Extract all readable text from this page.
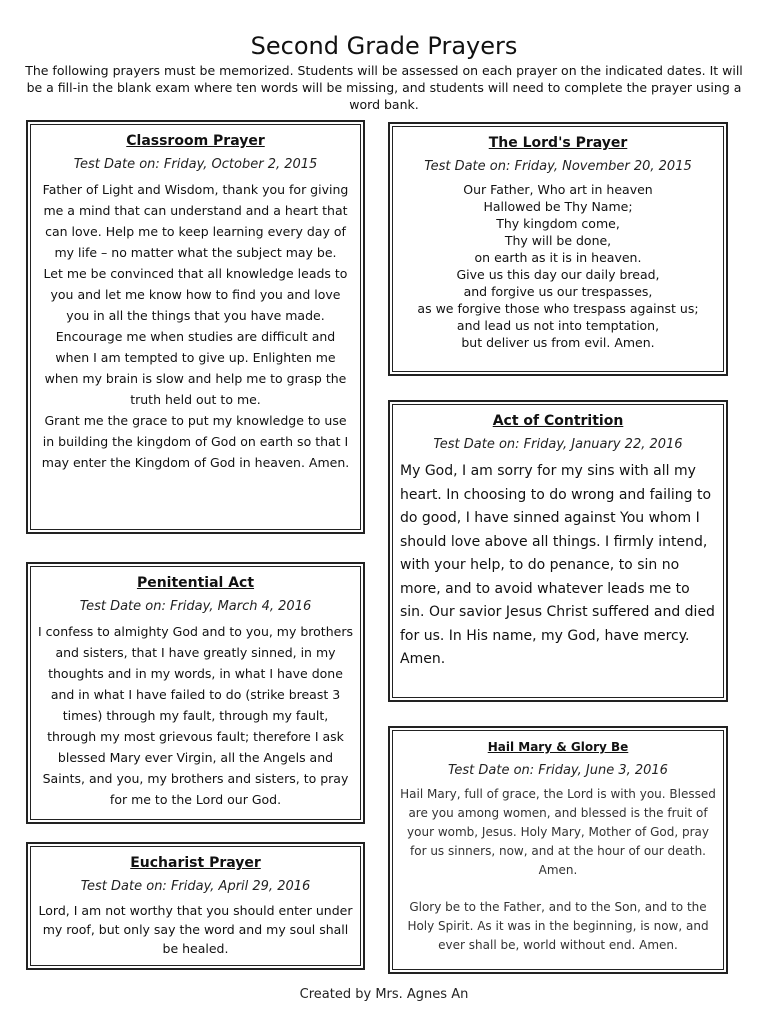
Second Grade Prayers
The following prayers must be memorized. Students will be assessed on each prayer on the indicated dates. It will be a fill-in the blank exam where ten words will be missing, and students will need to complete the prayer using a word bank.
Classroom Prayer
Test Date on: Friday, October 2, 2015
Father of Light and Wisdom, thank you for giving me a mind that can understand and a heart that can love. Help me to keep learning every day of my life – no matter what the subject may be.
Let me be convinced that all knowledge leads to you and let me know how to find you and love you in all the things that you have made. Encourage me when studies are difficult and when I am tempted to give up. Enlighten me when my brain is slow and help me to grasp the truth held out to me.
Grant me the grace to put my knowledge to use in building the kingdom of God on earth so that I may enter the Kingdom of God in heaven. Amen.
The Lord's Prayer
Test Date on: Friday, November 20, 2015
Our Father, Who art in heaven
Hallowed be Thy Name;
Thy kingdom come,
Thy will be done,
on earth as it is in heaven.
Give us this day our daily bread,
and forgive us our trespasses,
as we forgive those who trespass against us;
and lead us not into temptation,
but deliver us from evil. Amen.
Act of Contrition
Test Date on: Friday, January 22, 2016
My God, I am sorry for my sins with all my heart. In choosing to do wrong and failing to do good, I have sinned against You whom I should love above all things. I firmly intend, with your help, to do penance, to sin no more, and to avoid whatever leads me to sin. Our savior Jesus Christ suffered and died for us. In His name, my God, have mercy. Amen.
Penitential Act
Test Date on: Friday, March 4, 2016
I confess to almighty God and to you, my brothers and sisters, that I have greatly sinned, in my thoughts and in my words, in what I have done and in what I have failed to do (strike breast 3 times) through my fault, through my fault, through my most grievous fault; therefore I ask blessed Mary ever Virgin, all the Angels and Saints, and you, my brothers and sisters, to pray for me to the Lord our God.
Hail Mary & Glory Be
Test Date on: Friday, June 3, 2016
Hail Mary, full of grace, the Lord is with you. Blessed are you among women, and blessed is the fruit of your womb, Jesus. Holy Mary, Mother of God, pray for us sinners, now, and at the hour of our death. Amen.
Glory be to the Father, and to the Son, and to the Holy Spirit. As it was in the beginning, is now, and ever shall be, world without end. Amen.
Eucharist Prayer
Test Date on: Friday, April 29, 2016
Lord, I am not worthy that you should enter under my roof, but only say the word and my soul shall be healed.
Created by Mrs. Agnes An
